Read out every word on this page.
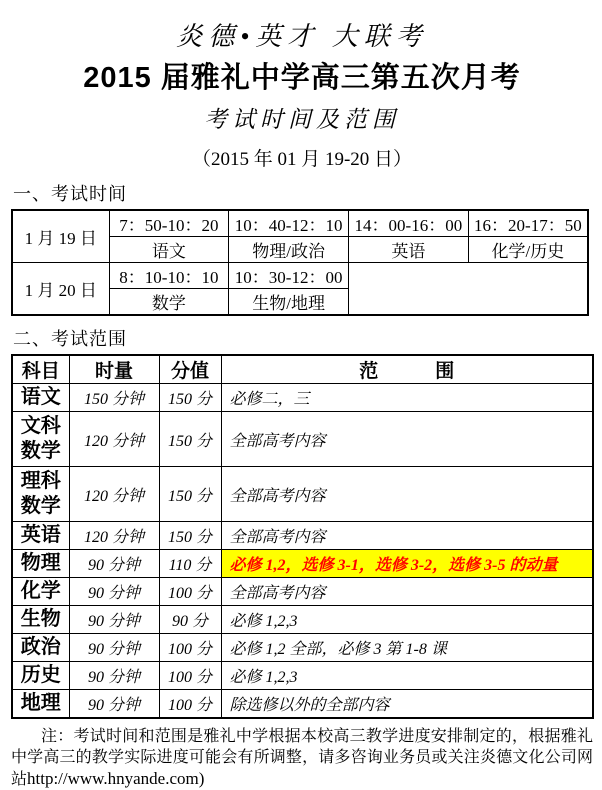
炎德•英才 大联考
2015 届雅礼中学高三第五次月考
考试时间及范围
（2015 年 01 月 19-20 日）
一、考试时间
1 月 19 日	7：50-10：20	10：40-12：10	14：00-16：00	16：20-17：50
	语文	物理/政治	英语	化学/历史
1 月 20 日	8：10-10：10	10：30-12：00		
	数学	生物/地理		
二、考试范围
科目	时量	分值	范　　　围
语文	150 分钟	150 分	必修二，三
文科数学	120 分钟	150 分	全部高考内容
理科数学	120 分钟	150 分	全部高考内容
英语	120 分钟	150 分	全部高考内容
物理	90 分钟	110 分	必修 1,2，选修 3-1，选修 3-2，选修 3-5 的动量
化学	90 分钟	100 分	全部高考内容
生物	90 分钟	90 分	必修 1,2,3
政治	90 分钟	100 分	必修 1,2 全部，必修 3 第 1-8 课
历史	90 分钟	100 分	必修 1,2,3
地理	90 分钟	100 分	除选修以外的全部内容

注：考试时间和范围是雅礼中学根据本校高三教学进度安排制定的，根据雅礼中学高三的教学实际进度可能会有所调整，请多咨询业务员或关注炎德文化公司网站http://www.hnyande.com)
